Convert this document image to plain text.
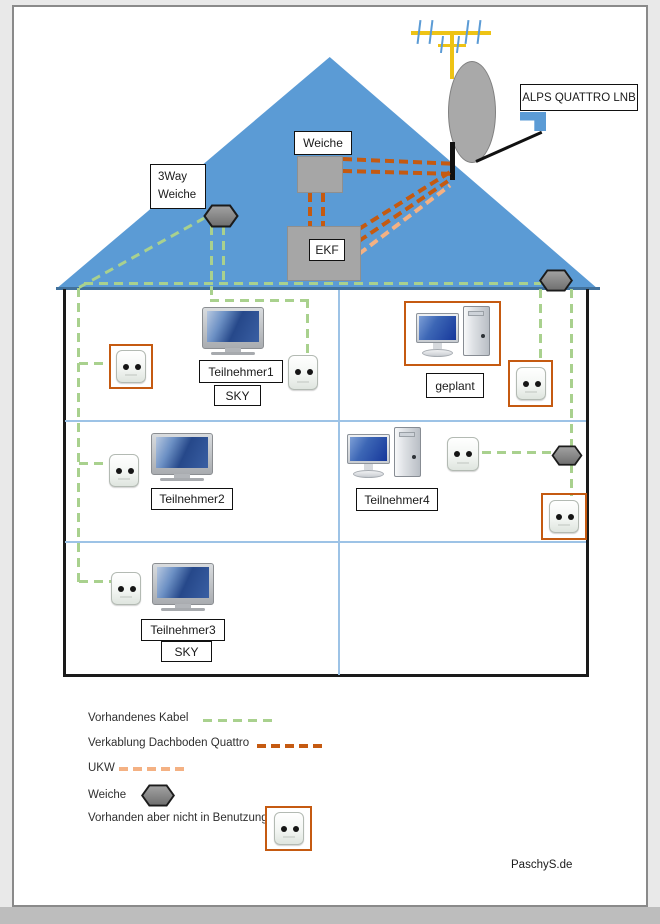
ALPS QUATTRO LNB
Weiche
EKF
3Way
Weiche
Teilnehmer1
SKY
geplant
Teilnehmer2	Teilnehmer4
Teilnehmer3
SKY
Vorhandenes Kabel
Verkablung Dachboden Quattro
UKW
Weiche
Vorhanden aber nicht in Benutzung
PaschyS.de
